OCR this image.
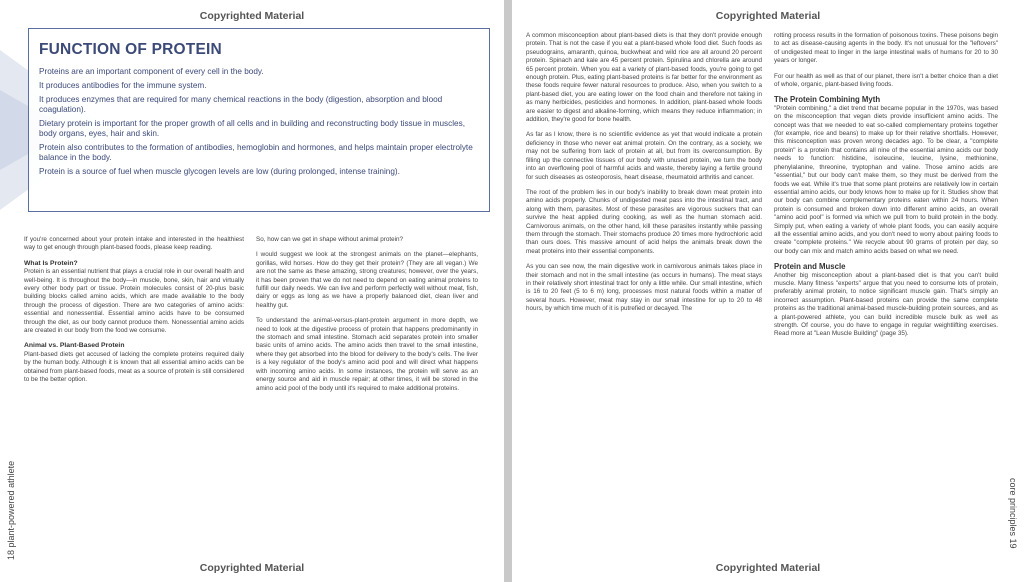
Copyrighted Material
FUNCTION OF PROTEIN

Proteins are an important component of every cell in the body.

It produces antibodies for the immune system.

It produces enzymes that are required for many chemical reactions in the body (digestion, absorption and blood coagulation).

Dietary protein is important for the proper growth of all cells and in building and reconstructing body tissue in muscles, body organs, eyes, hair and skin.

Protein also contributes to the formation of antibodies, hemoglobin and hormones, and helps maintain proper electrolyte balance in the body.

Protein is a source of fuel when muscle glycogen levels are low (during prolonged, intense training).

If you're concerned about your protein intake and interested in the healthiest way to get enough through plant-based foods, please keep reading.

What Is Protein?

Protein is an essential nutrient that plays a crucial role in our overall health and well-being. It is throughout the body—in muscle, bone, skin, hair and virtually every other body part or tissue. Protein molecules consist of 20-plus basic building blocks called amino acids, which are made available to the body through the process of digestion. There are two categories of amino acids: essential and nonessential. Essential amino acids have to be consumed through the diet, as our body cannot produce them. Nonessential amino acids are created in our body from the food we consume.

Animal vs. Plant-Based Protein

Plant-based diets get accused of lacking the complete proteins required daily by the human body. Although it is known that all essential amino acids can be obtained from plant-based foods, meat as a source of protein is still considered to be the better option.

So, how can we get in shape without animal protein?

I would suggest we look at the strongest animals on the planet—elephants, gorillas, wild horses. How do they get their protein? (They are all vegan.) We are not the same as these amazing, strong creatures; however, over the years, it has been proven that we do not need to depend on eating animal proteins to fulfill our daily needs. We can live and perform perfectly well without meat, fish, dairy or eggs as long as we have a properly balanced diet, clean liver and healthy gut.

To understand the animal-versus-plant-protein argument in more depth, we need to look at the digestive process of protein that happens predominantly in the stomach and small intestine. Stomach acid separates protein into smaller basic units of amino acids. The amino acids then travel to the small intestine, where they get absorbed into the blood for delivery to the body's cells. The liver is a key regulator of the body's amino acid pool and will direct what happens with incoming amino acids. In some instances, the protein will serve as an energy source and aid in muscle repair; at other times, it will be stored in the amino acid pool of the body until it's required to make additional proteins.

18 plant-powered athlete
Copyrighted Material
Copyrighted Material

A common misconception about plant-based diets is that they don't provide enough protein. That is not the case if you eat a plant-based whole food diet. Such foods as pseudograins, amaranth, quinoa, buckwheat and wild rice are all around 20 percent protein. Spinach and kale are 45 percent protein. Spirulina and chlorella are around 65 percent protein. When you eat a variety of plant-based foods, you're going to get enough protein. Plus, eating plant-based proteins is far better for the environment as these foods require fewer natural resources to produce. Also, when you switch to a plant-based diet, you are eating lower on the food chain and therefore not taking in as many herbicides, pesticides and hormones. In addition, plant-based whole foods are easier to digest and alkaline-forming, which means they reduce inflammation; in addition, they're good for bone health.

As far as I know, there is no scientific evidence as yet that would indicate a protein deficiency in those who never eat animal protein. On the contrary, as a society, we may not be suffering from lack of protein at all, but from its overconsumption. By filling up the connective tissues of our body with unused protein, we turn the body into an overflowing pool of harmful acids and waste, thereby laying a fertile ground for such diseases as osteoporosis, heart disease, rheumatoid arthritis and cancer.

The root of the problem lies in our body's inability to break down meat protein into amino acids properly. Chunks of undigested meat pass into the intestinal tract, and along with them, parasites. Most of these parasites are vigorous suckers that can survive the heat applied during cooking, as well as the human stomach acid. Carnivorous animals, on the other hand, kill these parasites instantly while passing them through the stomach. Their stomachs produce 20 times more hydrochloric acid than ours does. This massive amount of acid helps the animals break down the meat proteins into their essential components.

As you can see now, the main digestive work in carnivorous animals takes place in their stomach and not in the small intestine (as occurs in humans). The meat stays in their relatively short intestinal tract for only a little while. Our small intestine, which is 16 to 20 feet (5 to 6 m) long, processes most natural foods within a matter of several hours. However, meat may stay in our small intestine for up to 20 to 48 hours, by which time much of it is putrefied or decayed. The

rotting process results in the formation of poisonous toxins. These poisons begin to act as disease-causing agents in the body. It's not unusual for the "leftovers" of undigested meat to linger in the large intestinal walls of humans for 20 to 30 years or longer.

For our health as well as that of our planet, there isn't a better choice than a diet of whole, organic, plant-based living foods.

The Protein Combining Myth

"Protein combining," a diet trend that became popular in the 1970s, was based on the misconception that vegan diets provide insufficient amino acids. The concept was that we needed to eat so-called complementary proteins together (for example, rice and beans) to make up for their relative shortfalls. However, this misconception was proven wrong decades ago. To be clear, a "complete protein" is a protein that contains all nine of the essential amino acids our body needs to function: histidine, isoleucine, leucine, lysine, methionine, phenylalanine, threonine, tryptophan and valine. Those amino acids are "essential," but our body can't make them, so they must be derived from the foods we eat. While it's true that some plant proteins are relatively low in certain essential amino acids, our body knows how to make up for it. Studies show that our body can combine complementary proteins eaten within 24 hours. When protein is consumed and broken down into different amino acids, an overall "amino acid pool" is formed via which we pull from to build protein in the body. Simply put, when eating a variety of whole plant foods, you can easily acquire all the essential amino acids, and you don't need to worry about pairing foods to create "complete proteins." We recycle about 90 grams of protein per day, so our body can mix and match amino acids based on what we need.

Protein and Muscle

Another big misconception about a plant-based diet is that you can't build muscle. Many fitness "experts" argue that you need to consume lots of protein, preferably animal protein, to notice significant muscle gain. That's simply an incorrect assumption. Plant-based proteins can provide the same complete proteins as the traditional animal-based muscle-building protein sources, and as a plant-powered athlete, you can build incredible muscle bulk as well as strength. Of course, you do have to engage in regular weightlifting exercises. Read more at "Lean Muscle Building" (page 35).

core principles 19
Copyrighted Material
